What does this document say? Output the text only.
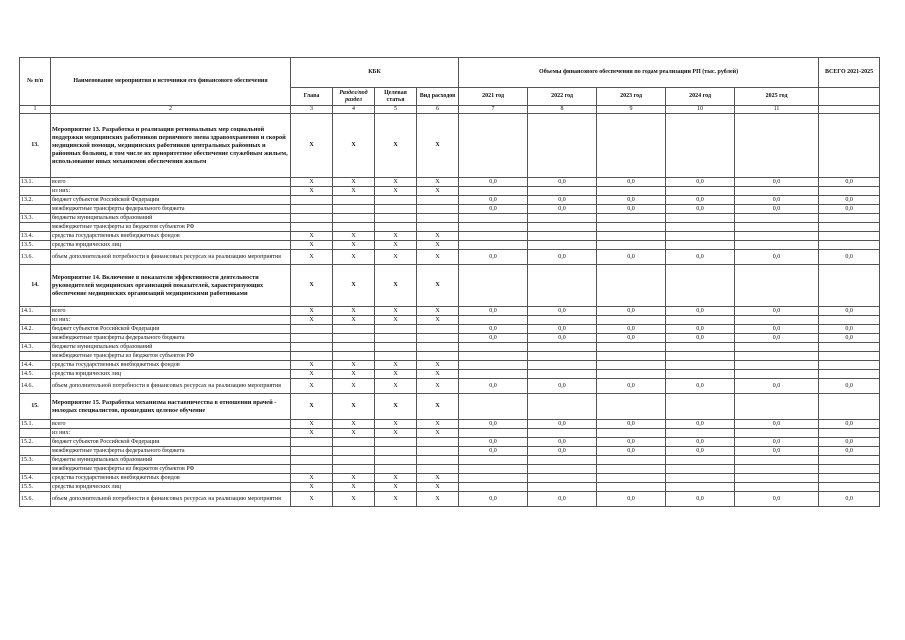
№ п/п	Наименование мероприятия и источники его финансового обеспечения	КБК				Объемы финансового обеспечения по годам реализации РП (тыс. рублей)					ВСЕГО 2021-2025
		Глава	Раздел/под раздел	Целевая статья	Вид расходов	2021 год	2022 год	2023 год	2024 год	2025 год	
1	2	3	4	5	6	7	8	9	10	11	
13.	Мероприятие 13. Разработка и реализация региональных мер социальной поддержки медицинских работников первичного звена здравоохранения и скорой медицинской помощи, медицинских работников центральных районных и районных больниц, в том числе их приоритетное обеспечение служебным жильем, использование иных механизмов обеспечения жильем	X	X	X	X						
13.1.	всего	X	X	X	X	0,0	0,0	0,0	0,0	0,0	0,0
	из них:	X	X	X	X						
13.2.	бюджет субъектов Российской Федерации					0,0	0,0	0,0	0,0	0,0	0,0
	межбюджетные трансферты федерального бюджета					0,0	0,0	0,0	0,0	0,0	0,0
13.3.	бюджеты муниципальных образований										
	межбюджетные трансферты из бюджетов субъектов РФ										
13.4.	средства государственных внебюджетных фондов	X	X	X	X						
13.5.	средства юридических лиц	X	X	X	X						
13.6.	объем дополнительной потребности в финансовых ресурсах на реализацию мероприятия	X	X	X	X	0,0	0,0	0,0	0,0	0,0	0,0
14.	Мероприятие 14. Включение в показатели эффективности деятельности руководителей медицинских организаций показателей, характеризующих обеспечение медицинских организаций медицинскими работниками	X	X	X	X						
14.1.	всего	X	X	X	X	0,0	0,0	0,0	0,0	0,0	0,0
	из них:	X	X	X	X						
14.2.	бюджет субъектов Российской Федерации					0,0	0,0	0,0	0,0	0,0	0,0
	межбюджетные трансферты федерального бюджета					0,0	0,0	0,0	0,0	0,0	0,0
14.3.	бюджеты муниципальных образований										
	межбюджетные трансферты из бюджетов субъектов РФ										
14.4.	средства государственных внебюджетных фондов	X	X	X	X						
14.5.	средства юридических лиц	X	X	X	X						
14.6.	объем дополнительной потребности в финансовых ресурсах на реализацию мероприятия	X	X	X	X	0,0	0,0	0,0	0,0	0,0	0,0
15.	Мероприятие 15. Разработка механизма наставничества в отношении врачей - молодых специалистов, прошедших целевое обучение	X	X	X	X						
15.1.	всего	X	X	X	X	0,0	0,0	0,0	0,0	0,0	0,0
	из них:	X	X	X	X						
15.2.	бюджет субъектов Российской Федерации					0,0	0,0	0,0	0,0	0,0	0,0
	межбюджетные трансферты федерального бюджета					0,0	0,0	0,0	0,0	0,0	0,0
15.3.	бюджеты муниципальных образований										
	межбюджетные трансферты из бюджетов субъектов РФ										
15.4.	средства государственных внебюджетных фондов	X	X	X	X						
15.5.	средства юридических лиц	X	X	X	X						
15.6.	объем дополнительной потребности в финансовых ресурсах на реализацию мероприятия	X	X	X	X	0,0	0,0	0,0	0,0	0,0	0,0
